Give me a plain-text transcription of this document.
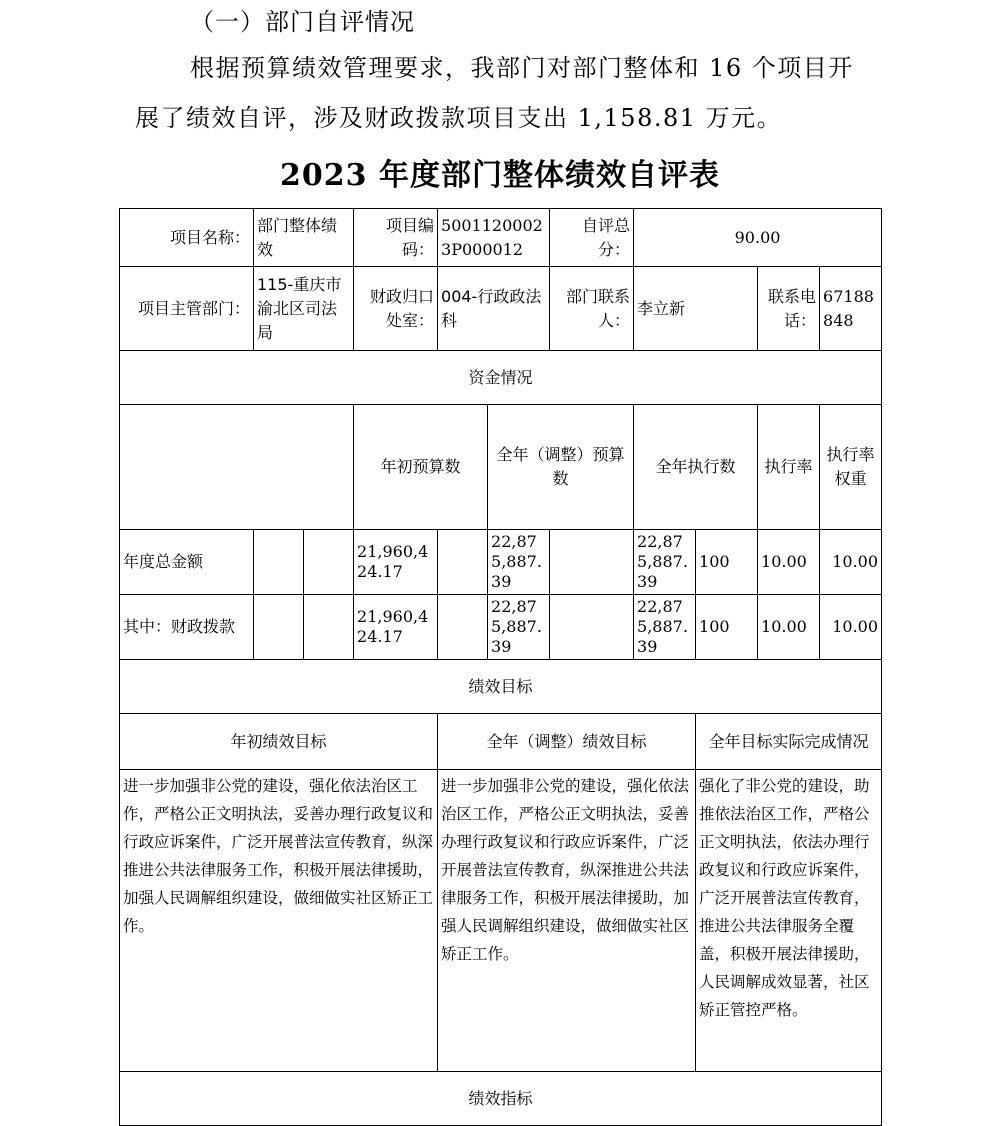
（一）部门自评情况
根据预算绩效管理要求，我部门对部门整体和 16 个项目开
展了绩效自评，涉及财政拨款项目支出 1,158.81 万元。
2023 年度部门整体绩效自评表
项目名称：	部门整体绩效		项目编码：	50011200023P000012		自评总分：	90.00				
项目主管部门：	115-重庆市渝北区司法局		财政归口处室：	004-行政政法科		部门联系人：	李立新		联系电话：	67188848	
资金情况											
			年初预算数		全年（调整）预算数		全年执行数		执行率	执行率权重	
年度总金额			21,960,424.17		22,875,887.39		22,875,887.39	100	10.00	10.00	
其中：财政拨款			21,960,424.17		22,875,887.39		22,875,887.39	100	10.00	10.00	
绩效目标											
年初绩效目标				全年（调整）绩效目标				全年目标实际完成情况			
进一步加强非公党的建设，强化依法治区工作，严格公正文明执法，妥善办理行政复议和行政应诉案件，广泛开展普法宣传教育，纵深推进公共法律服务工作，积极开展法律援助，加强人民调解组织建设，做细做实社区矫正工作。				进一步加强非公党的建设，强化依法治区工作，严格公正文明执法，妥善办理行政复议和行政应诉案件，广泛开展普法宣传教育，纵深推进公共法律服务工作，积极开展法律援助，加强人民调解组织建设，做细做实社区矫正工作。				强化了非公党的建设，助推依法治区工作，严格公正文明执法，依法办理行政复议和行政应诉案件，广泛开展普法宣传教育，推进公共法律服务全覆盖，积极开展法律援助，人民调解成效显著，社区矫正管控严格。			
绩效指标											
